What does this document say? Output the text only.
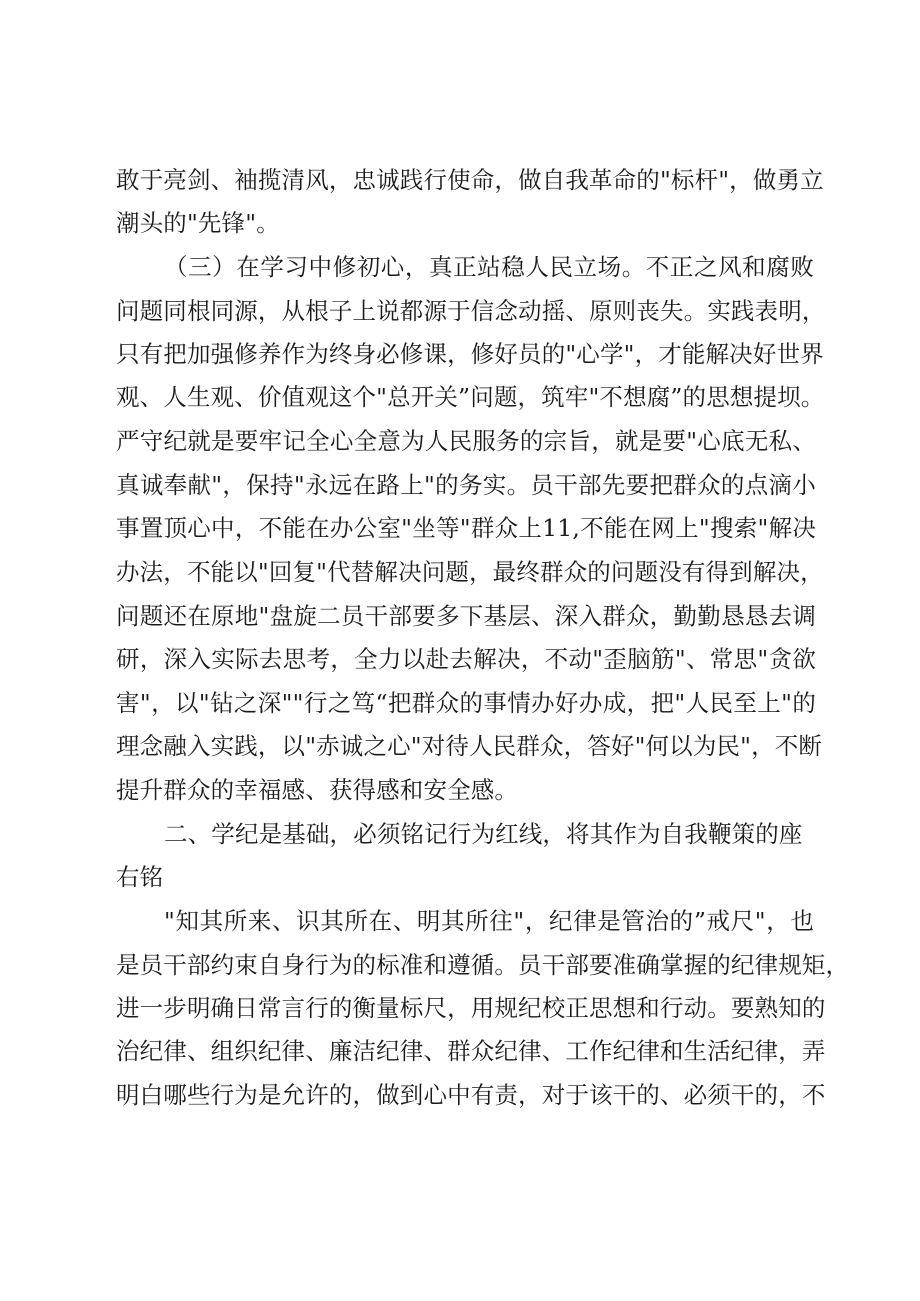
敢于亮剑、袖揽清风，忠诚践行使命，做自我革命的"标杆"，做勇立
潮头的"先锋"。
（三）在学习中修初心，真正站稳人民立场。不正之风和腐败
问题同根同源，从根子上说都源于信念动摇、原则丧失。实践表明，
只有把加强修养作为终身必修课，修好员的"心学"，才能解决好世界
观、人生观、价值观这个"总开关”问题，筑牢"不想腐”的思想提坝。
严守纪就是要牢记全心全意为人民服务的宗旨，就是要"心底无私、
真诚奉献"，保持"永远在路上"的务实。员干部先要把群众的点滴小
事置顶心中，不能在办公室"坐等"群众上11,不能在网上"搜索"解决
办法，不能以"回复"代替解决问题，最终群众的问题没有得到解决，
问题还在原地"盘旋二员干部要多下基层、深入群众，勤勤恳恳去调
研，深入实际去思考，全力以赴去解决，不动"歪脑筋"、常思"贪欲
害"，以"钻之深""行之笃“把群众的事情办好办成，把"人民至上"的
理念融入实践，以"赤诚之心"对待人民群众，答好"何以为民"，不断
提升群众的幸福感、获得感和安全感。
二、学纪是基础，必须铭记行为红线，将其作为自我鞭策的座
右铭
"知其所来、识其所在、明其所往"，纪律是管治的”戒尺"，也
是员干部约束自身行为的标准和遵循。员干部要准确掌握的纪律规矩，
进一步明确日常言行的衡量标尺，用规纪校正思想和行动。要熟知的
治纪律、组织纪律、廉洁纪律、群众纪律、工作纪律和生活纪律，弄
明白哪些行为是允许的，做到心中有责，对于该干的、必须干的，不
